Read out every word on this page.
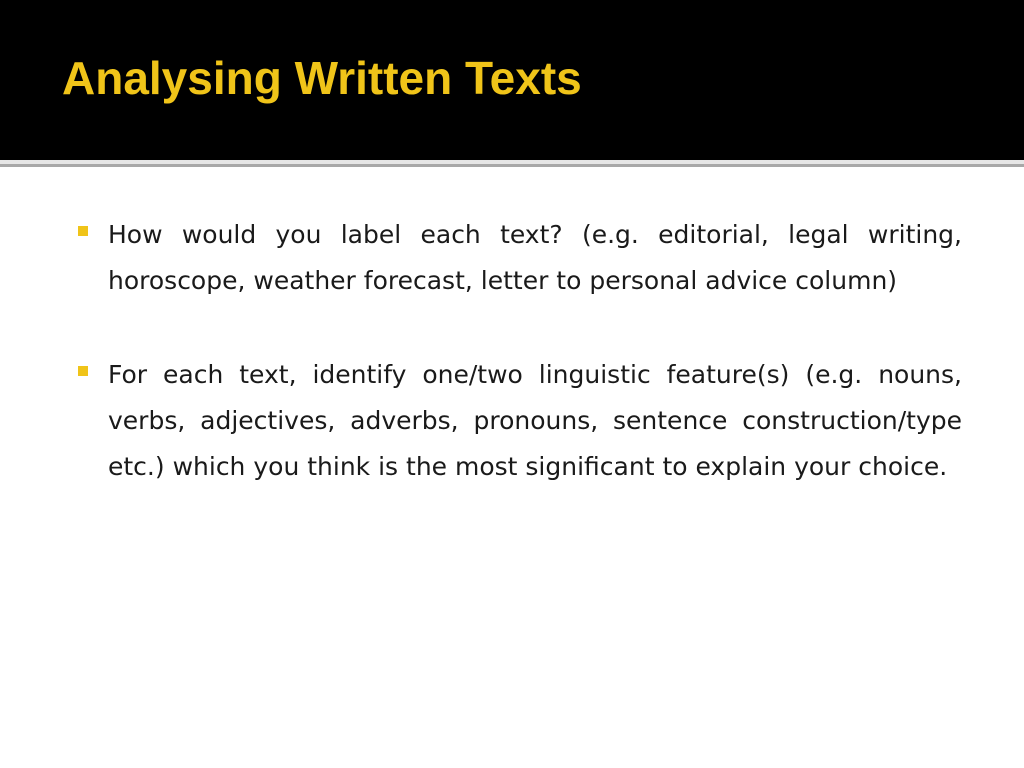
Analysing Written Texts
How would you label each text? (e.g. editorial, legal writing, horoscope, weather forecast, letter to personal advice column)
For each text, identify one/two linguistic feature(s) (e.g. nouns, verbs, adjectives, adverbs, pronouns, sentence construction/type etc.) which you think is the most significant to explain your choice.
